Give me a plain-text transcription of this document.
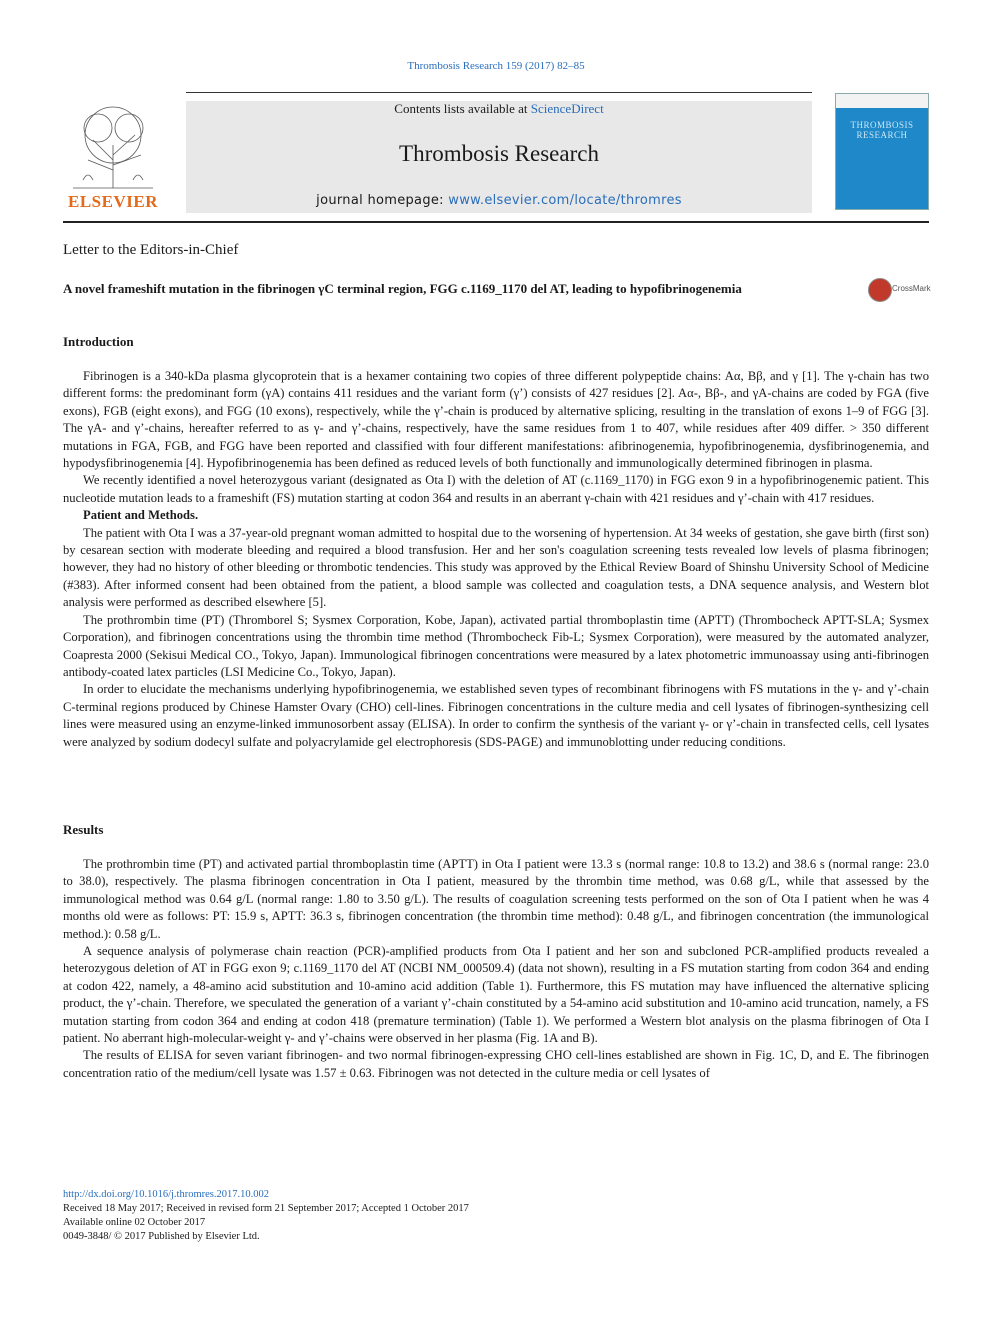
Thrombosis Research 159 (2017) 82–85
ELSEVIER
Contents lists available at ScienceDirect
Thrombosis Research
journal homepage: www.elsevier.com/locate/thromres
THROMBOSIS RESEARCH
Letter to the Editors-in-Chief
A novel frameshift mutation in the fibrinogen γC terminal region, FGG c.1169_1170 del AT, leading to hypofibrinogenemia	CrossMark
Introduction

Fibrinogen is a 340-kDa plasma glycoprotein that is a hexamer containing two copies of three different polypeptide chains: Aα, Bβ, and γ [1]. The γ-chain has two different forms: the predominant form (γA) contains 411 residues and the variant form (γ’) consists of 427 residues [2]. Aα-, Bβ-, and γA-chains are coded by FGA (five exons), FGB (eight exons), and FGG (10 exons), respectively, while the γ’-chain is produced by alternative splicing, resulting in the translation of exons 1–9 of FGG [3]. The γA- and γ’-chains, hereafter referred to as γ- and γ’-chains, respectively, have the same residues from 1 to 407, while residues after 409 differ. > 350 different mutations in FGA, FGB, and FGG have been reported and classified with four different manifestations: afibrinogenemia, hypofibrinogenemia, dysfibrinogenemia, and hypodysfibrinogenemia [4]. Hypofibrinogenemia has been defined as reduced levels of both functionally and immunologically determined fibrinogen in plasma.

We recently identified a novel heterozygous variant (designated as Ota I) with the deletion of AT (c.1169_1170) in FGG exon 9 in a hypofibrinogenemic patient. This nucleotide mutation leads to a frameshift (FS) mutation starting at codon 364 and results in an aberrant γ-chain with 421 residues and γ’-chain with 417 residues.

Patient and Methods.

The patient with Ota I was a 37-year-old pregnant woman admitted to hospital due to the worsening of hypertension. At 34 weeks of gestation, she gave birth (first son) by cesarean section with moderate bleeding and required a blood transfusion. Her and her son's coagulation screening tests revealed low levels of plasma fibrinogen; however, they had no history of other bleeding or thrombotic tendencies. This study was approved by the Ethical Review Board of Shinshu University School of Medicine (#383). After informed consent had been obtained from the patient, a blood sample was collected and coagulation tests, a DNA sequence analysis, and Western blot analysis were performed as described elsewhere [5].

The prothrombin time (PT) (Thromborel S; Sysmex Corporation, Kobe, Japan), activated partial thromboplastin time (APTT) (Thrombocheck APTT-SLA; Sysmex Corporation), and fibrinogen concentrations using the thrombin time method (Thrombocheck Fib-L; Sysmex Corporation), were measured by the automated analyzer, Coapresta 2000 (Sekisui Medical CO., Tokyo, Japan). Immunological fibrinogen concentrations were measured by a latex photometric immunoassay using anti-fibrinogen antibody-coated latex particles (LSI Medicine Co., Tokyo, Japan).

In order to elucidate the mechanisms underlying hypofibrinogenemia, we established seven types of recombinant fibrinogens with FS mutations in the γ- and γ’-chain C-terminal regions produced by Chinese Hamster Ovary (CHO) cell-lines. Fibrinogen concentrations in the culture media and cell lysates of fibrinogen-synthesizing cell lines were measured using an enzyme-linked immunosorbent assay (ELISA). In order to confirm the synthesis of the variant γ- or γ’-chain in transfected cells, cell lysates were analyzed by sodium dodecyl sulfate and polyacrylamide gel electrophoresis (SDS-PAGE) and immunoblotting under reducing conditions.

Results

The prothrombin time (PT) and activated partial thromboplastin time (APTT) in Ota I patient were 13.3 s (normal range: 10.8 to 13.2) and 38.6 s (normal range: 23.0 to 38.0), respectively. The plasma fibrinogen concentration in Ota I patient, measured by the thrombin time method, was 0.68 g/L, while that assessed by the immunological method was 0.64 g/L (normal range: 1.80 to 3.50 g/L). The results of coagulation screening tests performed on the son of Ota I patient when he was 4 months old were as follows: PT: 15.9 s, APTT: 36.3 s, fibrinogen concentration (the thrombin time method): 0.48 g/L, and fibrinogen concentration (the immunological method.): 0.58 g/L.

A sequence analysis of polymerase chain reaction (PCR)-amplified products from Ota I patient and her son and subcloned PCR-amplified products revealed a heterozygous deletion of AT in FGG exon 9; c.1169_1170 del AT (NCBI NM_000509.4) (data not shown), resulting in a FS mutation starting from codon 364 and ending at codon 422, namely, a 48-amino acid substitution and 10-amino acid addition (Table 1). Furthermore, this FS mutation may have influenced the alternative splicing product, the γ’-chain. Therefore, we speculated the generation of a variant γ’-chain constituted by a 54-amino acid substitution and 10-amino acid truncation, namely, a FS mutation starting from codon 364 and ending at codon 418 (premature termination) (Table 1). We performed a Western blot analysis on the plasma fibrinogen of Ota I patient. No aberrant high-molecular-weight γ- and γ’-chains were observed in her plasma (Fig. 1A and B).

The results of ELISA for seven variant fibrinogen- and two normal fibrinogen-expressing CHO cell-lines established are shown in Fig. 1C, D, and E. The fibrinogen concentration ratio of the medium/cell lysate was 1.57 ± 0.63. Fibrinogen was not detected in the culture media or cell lysates of

http://dx.doi.org/10.1016/j.thromres.2017.10.002
Received 18 May 2017; Received in revised form 21 September 2017; Accepted 1 October 2017
Available online 02 October 2017
0049-3848/ © 2017 Published by Elsevier Ltd.
